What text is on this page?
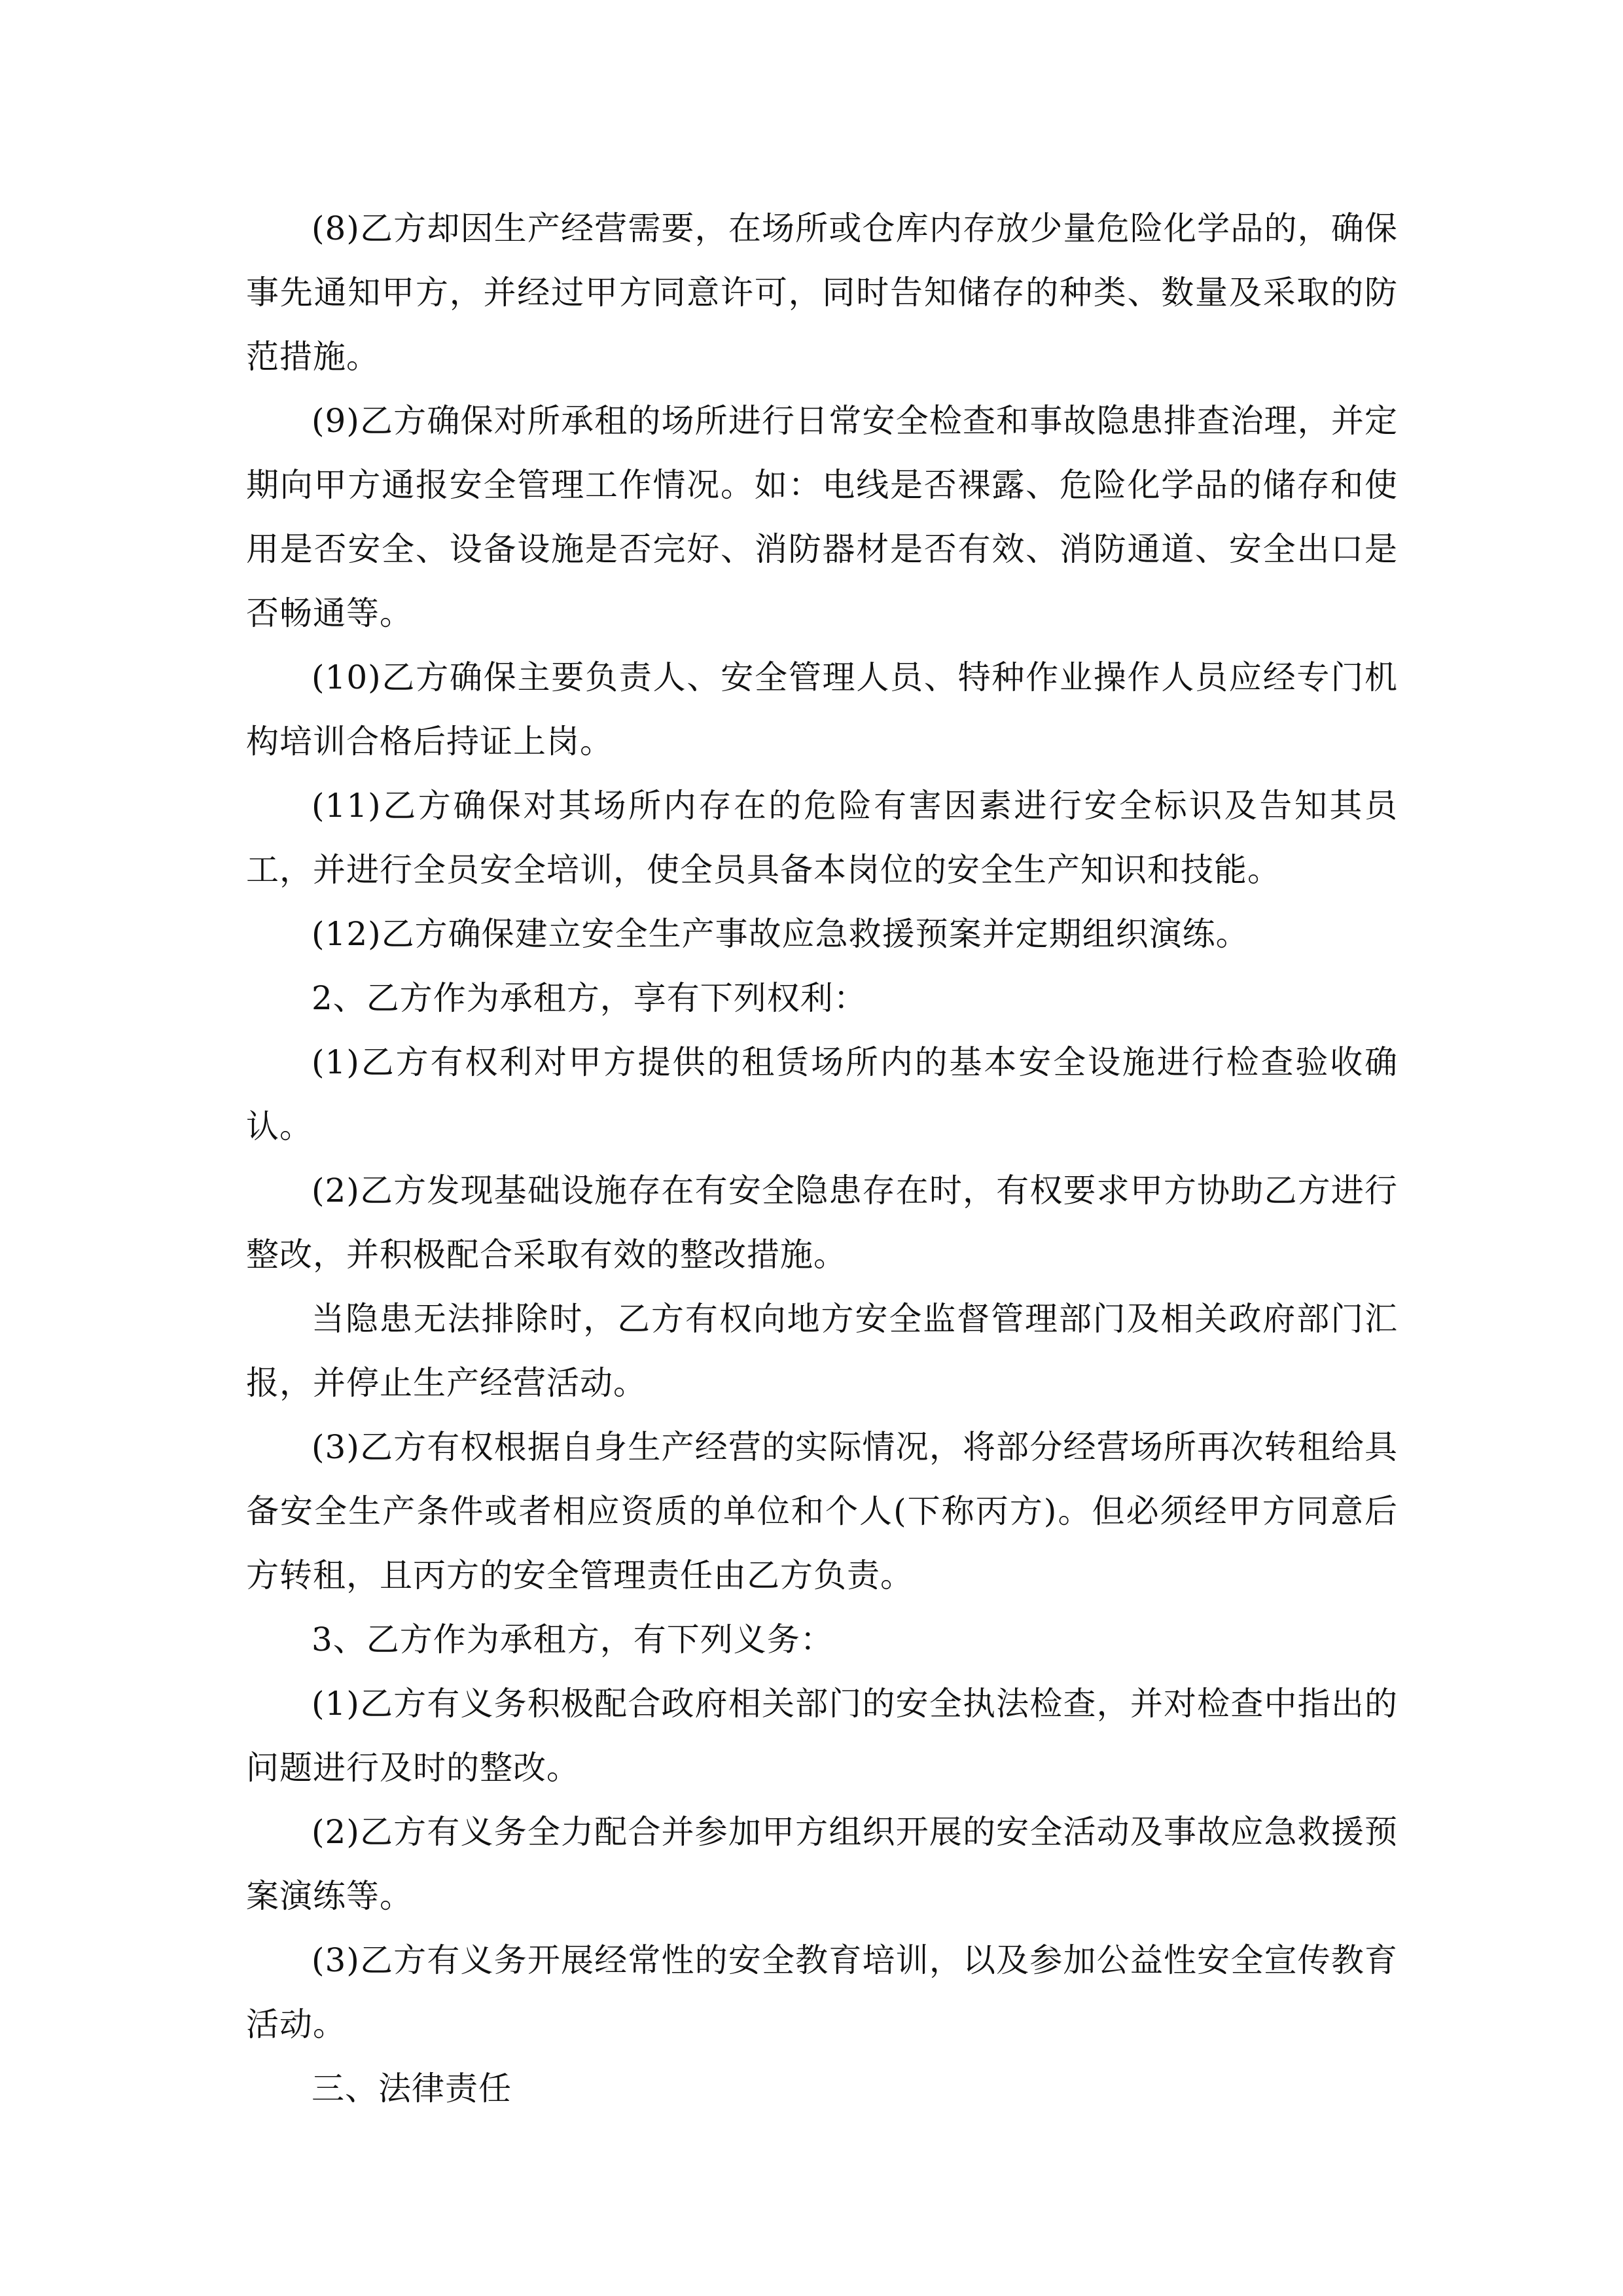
(8)乙方却因生产经营需要，在场所或仓库内存放少量危险化学品的，确保事先通知甲方，并经过甲方同意许可，同时告知储存的种类、数量及采取的防范措施。

(9)乙方确保对所承租的场所进行日常安全检查和事故隐患排查治理，并定期向甲方通报安全管理工作情况。如：电线是否裸露、危险化学品的储存和使用是否安全、设备设施是否完好、消防器材是否有效、消防通道、安全出口是否畅通等。

(10)乙方确保主要负责人、安全管理人员、特种作业操作人员应经专门机构培训合格后持证上岗。

(11)乙方确保对其场所内存在的危险有害因素进行安全标识及告知其员工，并进行全员安全培训，使全员具备本岗位的安全生产知识和技能。

(12)乙方确保建立安全生产事故应急救援预案并定期组织演练。

2、乙方作为承租方，享有下列权利：

(1)乙方有权利对甲方提供的租赁场所内的基本安全设施进行检查验收确认。

(2)乙方发现基础设施存在有安全隐患存在时，有权要求甲方协助乙方进行整改，并积极配合采取有效的整改措施。

当隐患无法排除时，乙方有权向地方安全监督管理部门及相关政府部门汇报，并停止生产经营活动。

(3)乙方有权根据自身生产经营的实际情况，将部分经营场所再次转租给具备安全生产条件或者相应资质的单位和个人(下称丙方)。但必须经甲方同意后方转租，且丙方的安全管理责任由乙方负责。

3、乙方作为承租方，有下列义务：

(1)乙方有义务积极配合政府相关部门的安全执法检查，并对检查中指出的问题进行及时的整改。

(2)乙方有义务全力配合并参加甲方组织开展的安全活动及事故应急救援预案演练等。

(3)乙方有义务开展经常性的安全教育培训，以及参加公益性安全宣传教育活动。

三、法律责任
